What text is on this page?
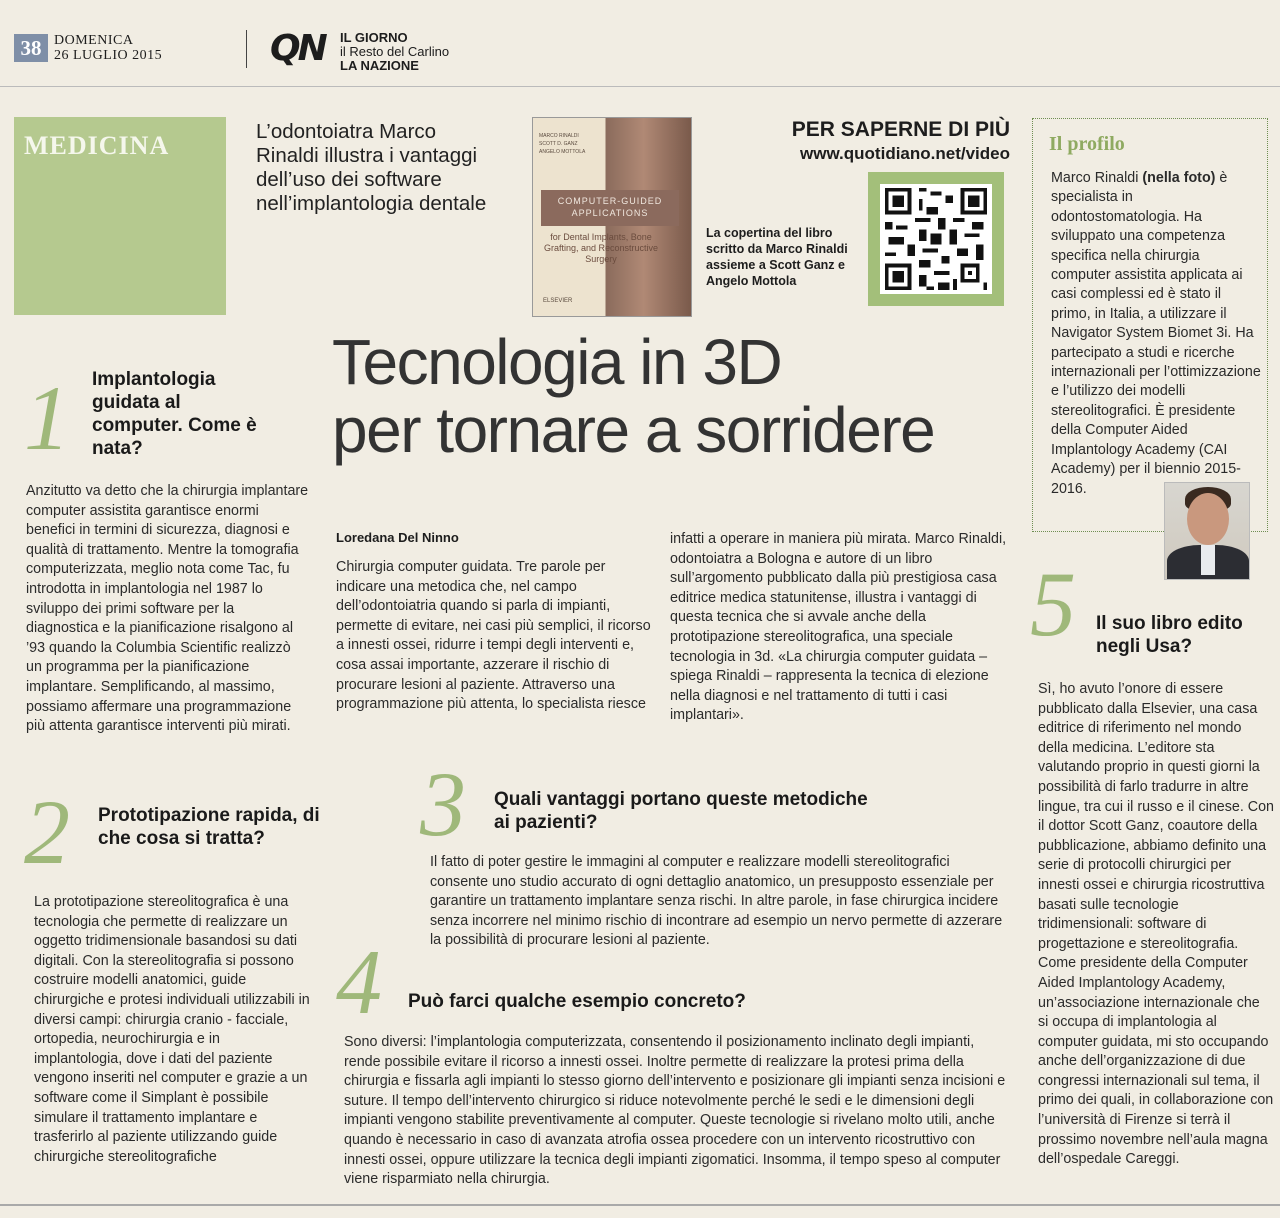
38 DOMENICA
26 LUGLIO 2015	QN	IL GIORNO
il Resto del Carlino
LA NAZIONE
MEDICINA	L’odontoiatra Marco Rinaldi illustra i vantaggi dell’uso dei software nell’implantologia dentale
MARCO RINALDI
SCOTT D. GANZ
ANGELO MOTTOLA
COMPUTER-GUIDED APPLICATIONS
for Dental Implants, Bone Grafting, and Reconstructive Surgery
ELSEVIER
La copertina del libro scritto da Marco Rinaldi assieme a Scott Ganz e Angelo Mottola
PER SAPERNE DI PIÙ
www.quotidiano.net/video Il profilo
Marco Rinaldi (nella foto) è specialista in odontostomatologia. Ha sviluppato una competenza specifica nella chirurgia computer assistita applicata ai casi complessi ed è stato il primo, in Italia, a utilizzare il Navigator System Biomet 3i. Ha partecipato a studi e ricerche internazionali per l’ottimizzazione e l’utilizzo dei modelli stereolitografici. È presidente della Computer Aided Implantology Academy (CAI Academy) per il biennio 2015-2016.
Tecnologia in 3D
per tornare a sorridere
Loredana Del Ninno
Chirurgia computer guidata. Tre parole per indicare una metodica che, nel campo dell’odontoiatria quando si parla di impianti, permette di evitare, nei casi più semplici, il ricorso a innesti ossei, ridurre i tempi degli interventi e, cosa assai importante, azzerare il rischio di procurare lesioni al paziente. Attraverso una programmazione più attenta, lo specialista riesce
infatti a operare in maniera più mirata. Marco Rinaldi, odontoiatra a Bologna e autore di un libro sull’argomento pubblicato dalla più prestigiosa casa editrice medica statunitense, illustra i vantaggi di questa tecnica che si avvale anche della prototipazione stereolitografica, una speciale tecnologia in 3d. «La chirurgia computer guidata – spiega Rinaldi – rappresenta la tecnica di elezione nella diagnosi e nel trattamento di tutti i casi implantari».
1 Implantologia guidata al computer. Come è nata?
Anzitutto va detto che la chirurgia implantare computer assistita garantisce enormi benefici in termini di sicurezza, diagnosi e qualità di trattamento. Mentre la tomografia computerizzata, meglio nota come Tac, fu introdotta in implantologia nel 1987 lo sviluppo dei primi software per la diagnostica e la pianificazione risalgono al ’93 quando la Columbia Scientific realizzò un programma per la pianificazione implantare. Semplificando, al massimo, possiamo affermare una programmazione più attenta garantisce interventi più mirati.
2 Prototipazione rapida, di che cosa si tratta?
La prototipazione stereolitografica è una tecnologia che permette di realizzare un oggetto tridimensionale basandosi su dati digitali. Con la stereolitografia si possono costruire modelli anatomici, guide chirurgiche e protesi individuali utilizzabili in diversi campi: chirurgia cranio - facciale, ortopedia, neurochirurgia e in implantologia, dove i dati del paziente vengono inseriti nel computer e grazie a un software come il Simplant è possibile simulare il trattamento implantare e trasferirlo al paziente utilizzando guide chirurgiche stereolitografiche
3 Quali vantaggi portano queste metodiche ai pazienti?
Il fatto di poter gestire le immagini al computer e realizzare modelli stereolitografici consente uno studio accurato di ogni dettaglio anatomico, un presupposto essenziale per garantire un trattamento implantare senza rischi. In altre parole, in fase chirurgica incidere senza incorrere nel minimo rischio di incontrare ad esempio un nervo permette di azzerare la possibilità di procurare lesioni al paziente.
4 Può farci qualche esempio concreto?
Sono diversi: l’implantologia computerizzata, consentendo il posizionamento inclinato degli impianti, rende possibile evitare il ricorso a innesti ossei. Inoltre permette di realizzare la protesi prima della chirurgia e fissarla agli impianti lo stesso giorno dell’intervento e posizionare gli impianti senza incisioni e suture. Il tempo dell’intervento chirurgico si riduce notevolmente perché le sedi e le dimensioni degli impianti vengono stabilite preventivamente al computer. Queste tecnologie si rivelano molto utili, anche quando è necessario in caso di avanzata atrofia ossea procedere con un intervento ricostruttivo con innesti ossei, oppure utilizzare la tecnica degli impianti zigomatici. Insomma, il tempo speso al computer viene risparmiato nella chirurgia.
5 Il suo libro edito negli Usa?
Sì, ho avuto l’onore di essere pubblicato dalla Elsevier, una casa editrice di riferimento nel mondo della medicina. L’editore sta valutando proprio in questi giorni la possibilità di farlo tradurre in altre lingue, tra cui il russo e il cinese. Con il dottor Scott Ganz, coautore della pubblicazione, abbiamo definito una serie di protocolli chirurgici per innesti ossei e chirurgia ricostruttiva basati sulle tecnologie tridimensionali: software di progettazione e stereolitografia. Come presidente della Computer Aided Implantology Academy, un’associazione internazionale che si occupa di implantologia al computer guidata, mi sto occupando anche dell’organizzazione di due congressi internazionali sul tema, il primo dei quali, in collaborazione con l’università di Firenze si terrà il prossimo novembre nell’aula magna dell’ospedale Careggi.
